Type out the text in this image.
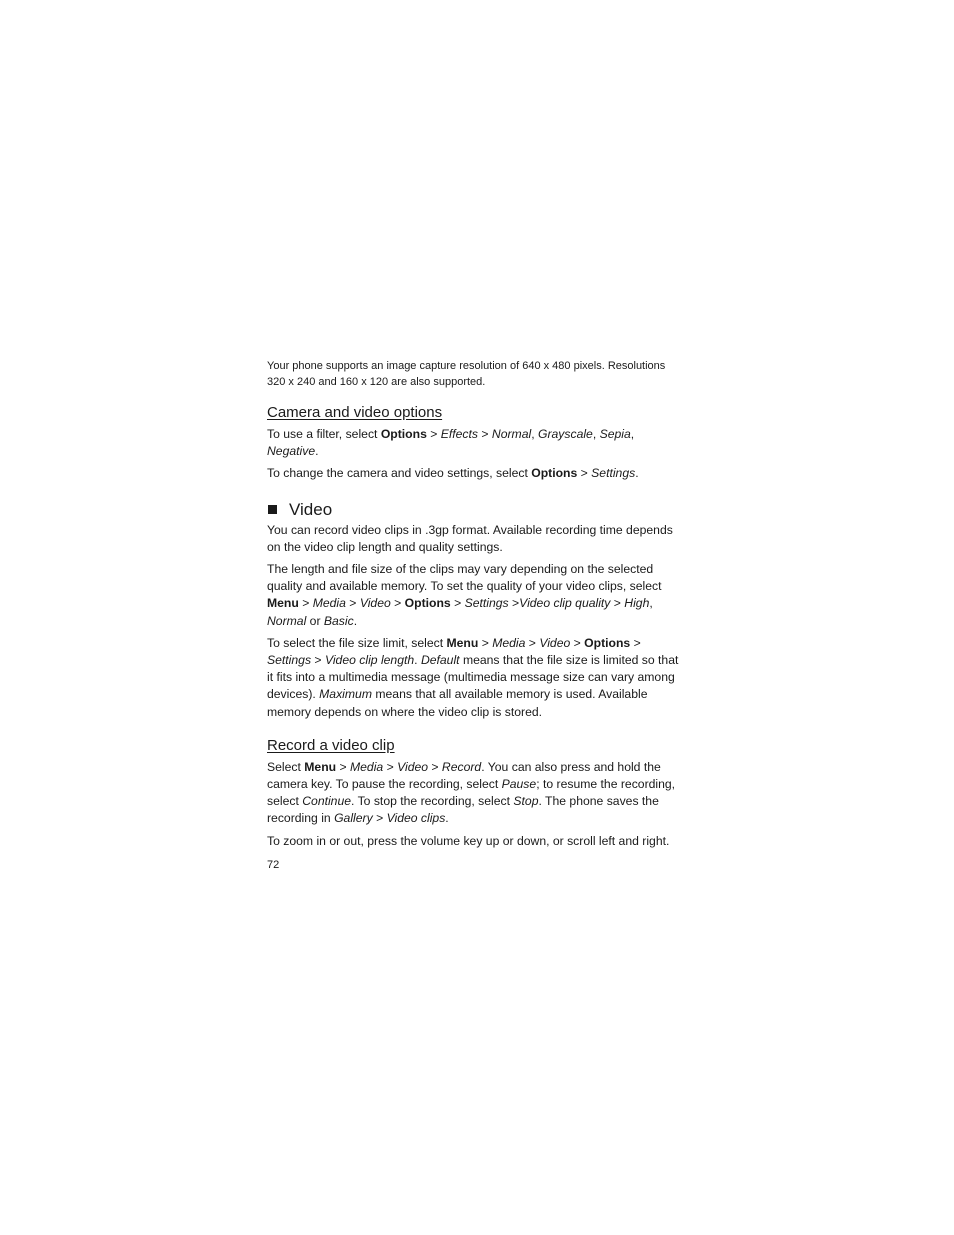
Your phone supports an image capture resolution of 640 x 480 pixels. Resolutions 320 x 240 and 160 x 120 are also supported.

Camera and video options

To use a filter, select Options > Effects > Normal, Grayscale, Sepia, Negative.

To change the camera and video settings, select Options > Settings.

Video

You can record video clips in .3gp format. Available recording time depends on the video clip length and quality settings.

The length and file size of the clips may vary depending on the selected quality and available memory. To set the quality of your video clips, select Menu > Media > Video > Options > Settings >Video clip quality > High, Normal or Basic.

To select the file size limit, select Menu > Media > Video > Options > Settings > Video clip length. Default means that the file size is limited so that it fits into a multimedia message (multimedia message size can vary among devices). Maximum means that all available memory is used. Available memory depends on where the video clip is stored.

Record a video clip

Select Menu > Media > Video > Record. You can also press and hold the camera key. To pause the recording, select Pause; to resume the recording, select Continue. To stop the recording, select Stop. The phone saves the recording in Gallery > Video clips.

To zoom in or out, press the volume key up or down, or scroll left and right.

72
